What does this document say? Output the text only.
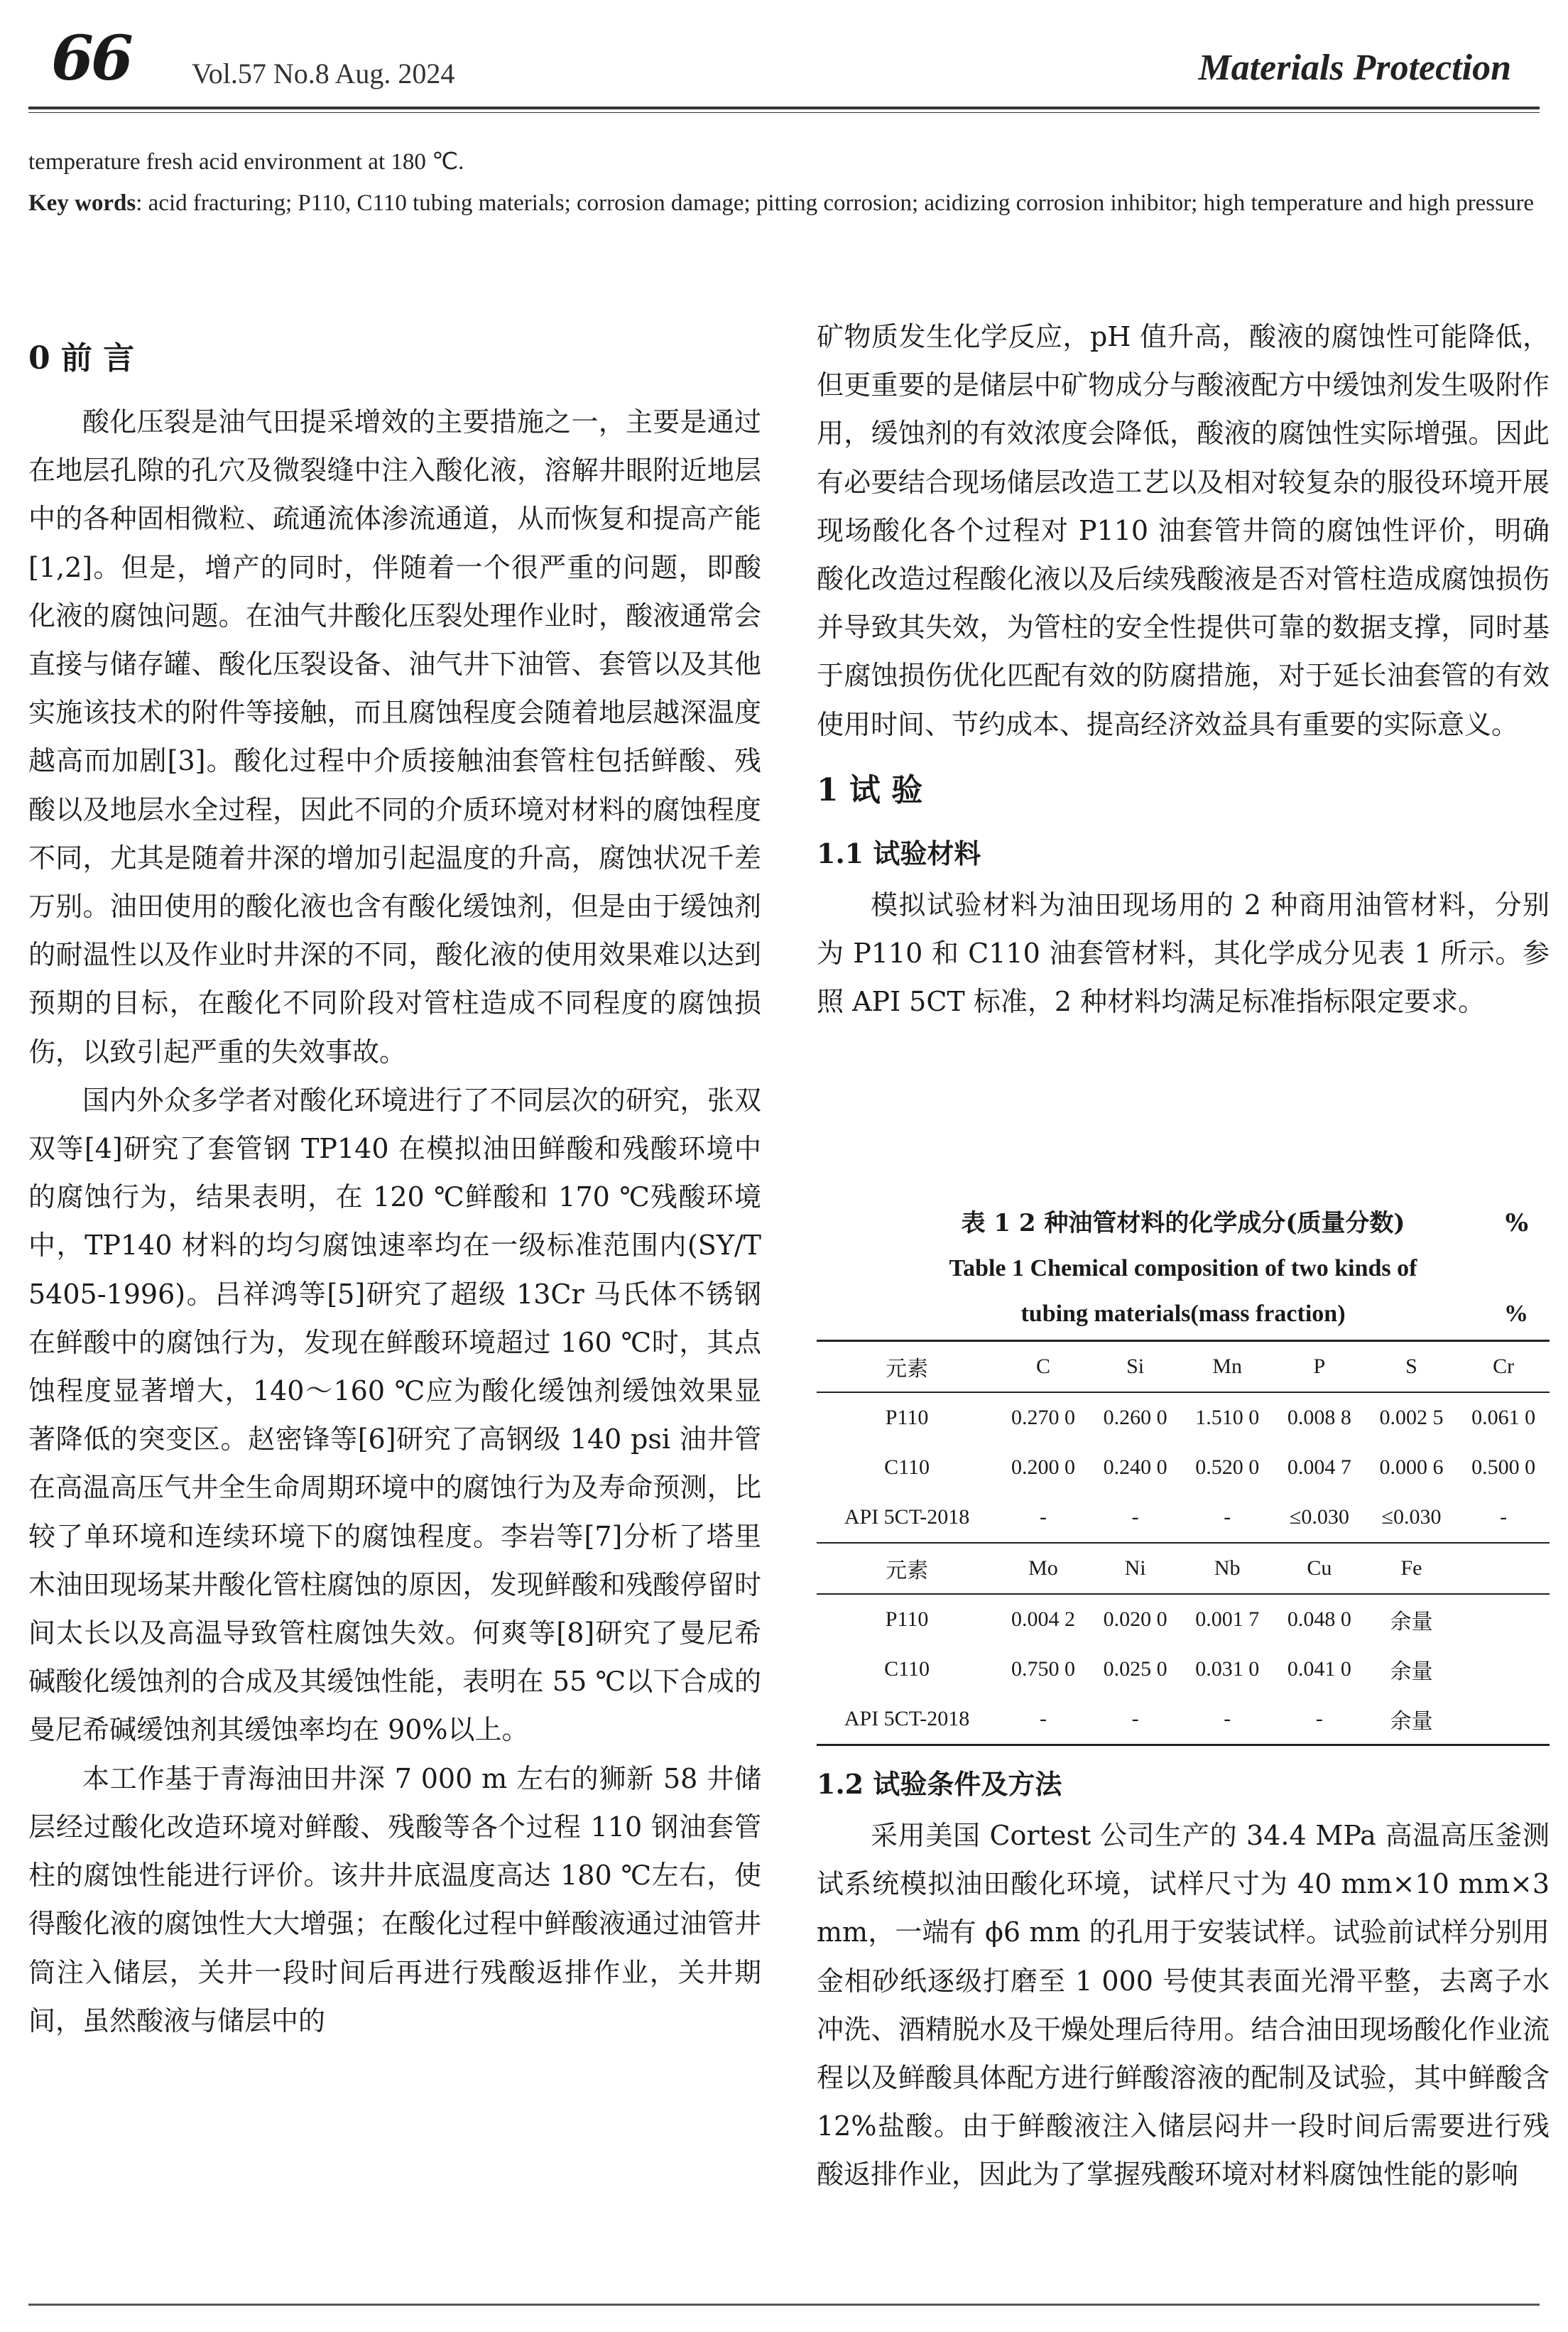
66 Vol.57 No.8 Aug. 2024	Materials Protection
temperature fresh acid environment at 180 ℃.
Key words: acid fracturing; P110, C110 tubing materials; corrosion damage; pitting corrosion; acidizing corrosion inhibitor; high temperature and high pressure
0 前 言

酸化压裂是油气田提采增效的主要措施之一，主要是通过在地层孔隙的孔穴及微裂缝中注入酸化液，溶解井眼附近地层中的各种固相微粒、疏通流体渗流通道，从而恢复和提高产能[1,2]。但是，增产的同时，伴随着一个很严重的问题，即酸化液的腐蚀问题。在油气井酸化压裂处理作业时，酸液通常会直接与储存罐、酸化压裂设备、油气井下油管、套管以及其他实施该技术的附件等接触，而且腐蚀程度会随着地层越深温度越高而加剧[3]。酸化过程中介质接触油套管柱包括鲜酸、残酸以及地层水全过程，因此不同的介质环境对材料的腐蚀程度不同，尤其是随着井深的增加引起温度的升高，腐蚀状况千差万别。油田使用的酸化液也含有酸化缓蚀剂，但是由于缓蚀剂的耐温性以及作业时井深的不同，酸化液的使用效果难以达到预期的目标，在酸化不同阶段对管柱造成不同程度的腐蚀损伤，以致引起严重的失效事故。

国内外众多学者对酸化环境进行了不同层次的研究，张双双等[4]研究了套管钢 TP140 在模拟油田鲜酸和残酸环境中的腐蚀行为，结果表明，在 120 ℃鲜酸和 170 ℃残酸环境中，TP140 材料的均匀腐蚀速率均在一级标准范围内(SY/T 5405-1996)。吕祥鸿等[5]研究了超级 13Cr 马氏体不锈钢在鲜酸中的腐蚀行为，发现在鲜酸环境超过 160 ℃时，其点蚀程度显著增大，140～160 ℃应为酸化缓蚀剂缓蚀效果显著降低的突变区。赵密锋等[6]研究了高钢级 140 psi 油井管在高温高压气井全生命周期环境中的腐蚀行为及寿命预测，比较了单环境和连续环境下的腐蚀程度。李岩等[7]分析了塔里木油田现场某井酸化管柱腐蚀的原因，发现鲜酸和残酸停留时间太长以及高温导致管柱腐蚀失效。何爽等[8]研究了曼尼希碱酸化缓蚀剂的合成及其缓蚀性能，表明在 55 ℃以下合成的曼尼希碱缓蚀剂其缓蚀率均在 90%以上。

本工作基于青海油田井深 7 000 m 左右的狮新 58 井储层经过酸化改造环境对鲜酸、残酸等各个过程 110 钢油套管柱的腐蚀性能进行评价。该井井底温度高达 180 ℃左右，使得酸化液的腐蚀性大大增强；在酸化过程中鲜酸液通过油管井筒注入储层，关井一段时间后再进行残酸返排作业，关井期间，虽然酸液与储层中的

矿物质发生化学反应，pH 值升高，酸液的腐蚀性可能降低，但更重要的是储层中矿物成分与酸液配方中缓蚀剂发生吸附作用，缓蚀剂的有效浓度会降低，酸液的腐蚀性实际增强。因此有必要结合现场储层改造工艺以及相对较复杂的服役环境开展现场酸化各个过程对 P110 油套管井筒的腐蚀性评价，明确酸化改造过程酸化液以及后续残酸液是否对管柱造成腐蚀损伤并导致其失效，为管柱的安全性提供可靠的数据支撑，同时基于腐蚀损伤优化匹配有效的防腐措施，对于延长油套管的有效使用时间、节约成本、提高经济效益具有重要的实际意义。

1 试 验
1.1 试验材料

模拟试验材料为油田现场用的 2 种商用油管材料，分别为 P110 和 C110 油套管材料，其化学成分见表 1 所示。参照 API 5CT 标准，2 种材料均满足标准指标限定要求。

表 1 2 种油管材料的化学成分(质量分数)	%
Table 1 Chemical composition of two kinds of
tubing materials(mass fraction)	%
元素	C	Si	Mn	P	S	Cr
P110	0.270 0	0.260 0	1.510 0	0.008 8	0.002 5	0.061 0
C110	0.200 0	0.240 0	0.520 0	0.004 7	0.000 6	0.500 0
API 5CT-2018	-	-	-	≤0.030	≤0.030	-
元素	Mo	Ni	Nb	Cu	Fe	
P110	0.004 2	0.020 0	0.001 7	0.048 0	余量	
C110	0.750 0	0.025 0	0.031 0	0.041 0	余量	
API 5CT-2018	-	-	-	-	余量	
1.2 试验条件及方法

采用美国 Cortest 公司生产的 34.4 MPa 高温高压釜测试系统模拟油田酸化环境，试样尺寸为 40 mm×10 mm×3 mm，一端有 ϕ6 mm 的孔用于安装试样。试验前试样分别用金相砂纸逐级打磨至 1 000 号使其表面光滑平整，去离子水冲洗、酒精脱水及干燥处理后待用。结合油田现场酸化作业流程以及鲜酸具体配方进行鲜酸溶液的配制及试验，其中鲜酸含 12%盐酸。由于鲜酸液注入储层闷井一段时间后需要进行残酸返排作业，因此为了掌握残酸环境对材料腐蚀性能的影响
